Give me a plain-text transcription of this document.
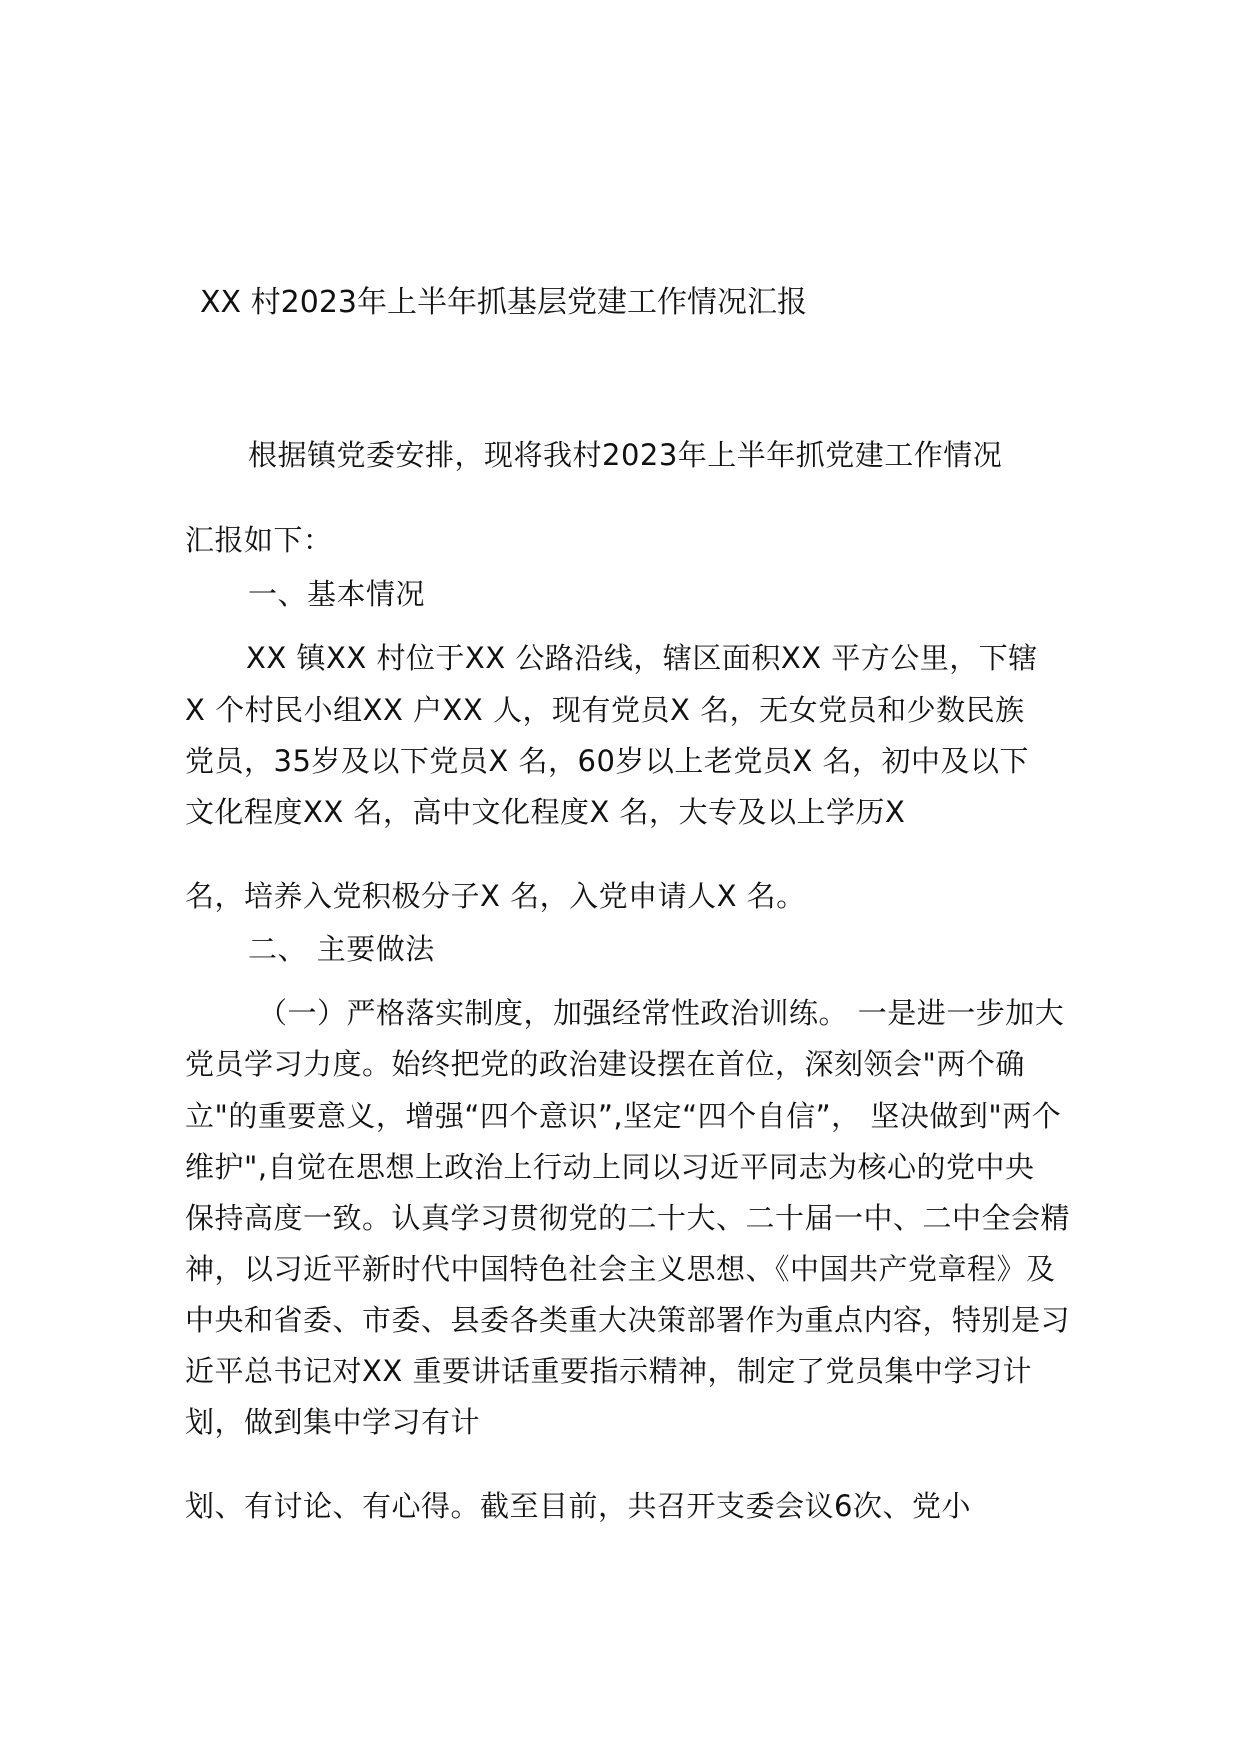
XX 村2023年上半年抓基层党建工作情况汇报
根据镇党委安排，现将我村2023年上半年抓党建工作情况
汇报如下：
一、基本情况
XX 镇XX 村位于XX 公路沿线，辖区面积XX 平方公里，下辖
X 个村民小组XX 户XX 人，现有党员X 名，无女党员和少数民族
党员，35岁及以下党员X 名，60岁以上老党员X 名，初中及以下
文化程度XX 名，高中文化程度X 名，大专及以上学历X
名，培养入党积极分子X 名，入党申请人X 名。
二、 主要做法
（一）严格落实制度，加强经常性政治训练。 一是进一步加大
党员学习力度。始终把党的政治建设摆在首位，深刻领会"两个确
立"的重要意义，增强“四个意识”,坚定“四个自信”， 坚决做到"两个
维护",自觉在思想上政治上行动上同以习近平同志为核心的党中央
保持高度一致。认真学习贯彻党的二十大、二十届一中、二中全会精
神，以习近平新时代中国特色社会主义思想、《中国共产党章程》及
中央和省委、市委、县委各类重大决策部署作为重点内容，特别是习
近平总书记对XX 重要讲话重要指示精神，制定了党员集中学习计
划，做到集中学习有计
划、有讨论、有心得。截至目前，共召开支委会议6次、党小
